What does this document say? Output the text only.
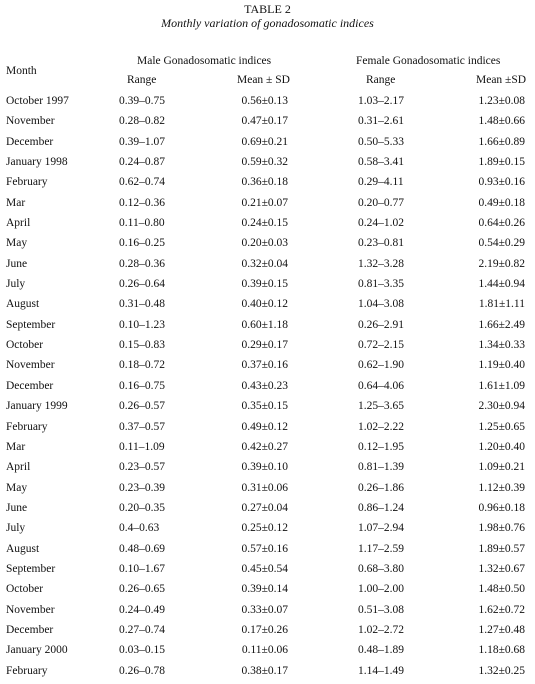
TABLE 2
Monthly variation of gonadosomatic indices
Month
Male Gonadosomatic indices	Female Gonadosomatic indices
Range	Mean ± SD	Range	Mean ±SD
October 1997	0.39–0.75	0.56±0.13	1.03–2.17	1.23±0.08
November	0.28–0.82	0.47±0.17	0.31–2.61	1.48±0.66
December	0.39–1.07	0.69±0.21	0.50–5.33	1.66±0.89
January 1998	0.24–0.87	0.59±0.32	0.58–3.41	1.89±0.15
February	0.62–0.74	0.36±0.18	0.29–4.11	0.93±0.16
Mar	0.12–0.36	0.21±0.07	0.20–0.77	0.49±0.18
April	0.11–0.80	0.24±0.15	0.24–1.02	0.64±0.26
May	0.16–0.25	0.20±0.03	0.23–0.81	0.54±0.29
June	0.28–0.36	0.32±0.04	1.32–3.28	2.19±0.82
July	0.26–0.64	0.39±0.15	0.81–3.35	1.44±0.94
August	0.31–0.48	0.40±0.12	1.04–3.08	1.81±1.11
September	0.10–1.23	0.60±1.18	0.26–2.91	1.66±2.49
October	0.15–0.83	0.29±0.17	0.72–2.15	1.34±0.33
November	0.18–0.72	0.37±0.16	0.62–1.90	1.19±0.40
December	0.16–0.75	0.43±0.23	0.64–4.06	1.61±1.09
January 1999	0.26–0.57	0.35±0.15	1.25–3.65	2.30±0.94
February	0.37–0.57	0.49±0.12	1.02–2.22	1.25±0.65
Mar	0.11–1.09	0.42±0.27	0.12–1.95	1.20±0.40
April	0.23–0.57	0.39±0.10	0.81–1.39	1.09±0.21
May	0.23–0.39	0.31±0.06	0.26–1.86	1.12±0.39
June	0.20–0.35	0.27±0.04	0.86–1.24	0.96±0.18
July	0.4–0.63	0.25±0.12	1.07–2.94	1.98±0.76
August	0.48–0.69	0.57±0.16	1.17–2.59	1.89±0.57
September	0.10–1.67	0.45±0.54	0.68–3.80	1.32±0.67
October	0.26–0.65	0.39±0.14	1.00–2.00	1.48±0.50
November	0.24–0.49	0.33±0.07	0.51–3.08	1.62±0.72
December	0.27–0.74	0.17±0.26	1.02–2.72	1.27±0.48
January 2000	0.03–0.15	0.11±0.06	0.48–1.89	1.18±0.68
February	0.26–0.78	0.38±0.17	1.14–1.49	1.32±0.25
